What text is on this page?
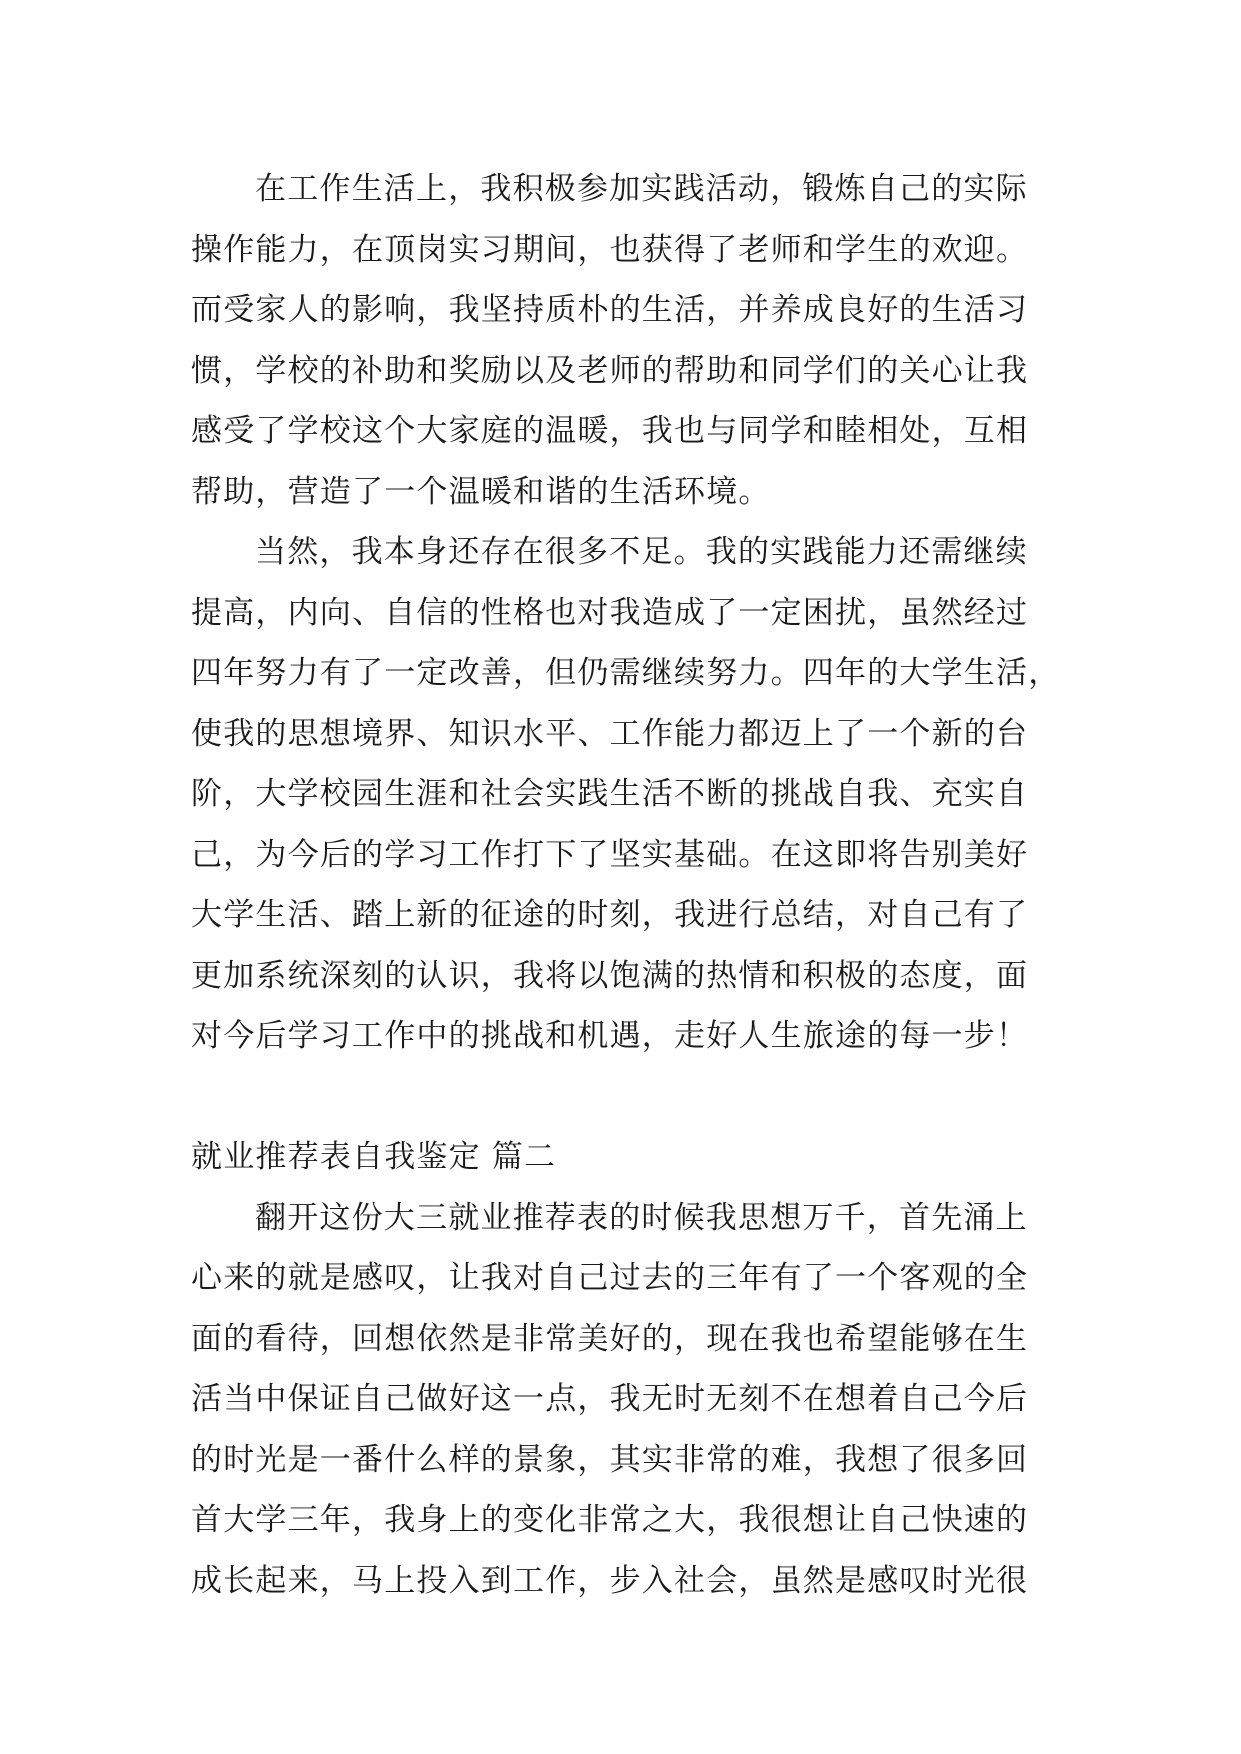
在工作生活上，我积极参加实践活动，锻炼自己的实际
操作能力，在顶岗实习期间，也获得了老师和学生的欢迎。
而受家人的影响，我坚持质朴的生活，并养成良好的生活习
惯，学校的补助和奖励以及老师的帮助和同学们的关心让我
感受了学校这个大家庭的温暖，我也与同学和睦相处，互相
帮助，营造了一个温暖和谐的生活环境。
当然，我本身还存在很多不足。我的实践能力还需继续
提高，内向、自信的性格也对我造成了一定困扰，虽然经过
四年努力有了一定改善，但仍需继续努力。四年的大学生活，
使我的思想境界、知识水平、工作能力都迈上了一个新的台
阶，大学校园生涯和社会实践生活不断的挑战自我、充实自
己，为今后的学习工作打下了坚实基础。在这即将告别美好
大学生活、踏上新的征途的时刻，我进行总结，对自己有了
更加系统深刻的认识，我将以饱满的热情和积极的态度，面
对今后学习工作中的挑战和机遇，走好人生旅途的每一步！
就业推荐表自我鉴定 篇二
翻开这份大三就业推荐表的时候我思想万千，首先涌上
心来的就是感叹，让我对自己过去的三年有了一个客观的全
面的看待，回想依然是非常美好的，现在我也希望能够在生
活当中保证自己做好这一点，我无时无刻不在想着自己今后
的时光是一番什么样的景象，其实非常的难，我想了很多回
首大学三年，我身上的变化非常之大，我很想让自己快速的
成长起来，马上投入到工作，步入社会，虽然是感叹时光很
